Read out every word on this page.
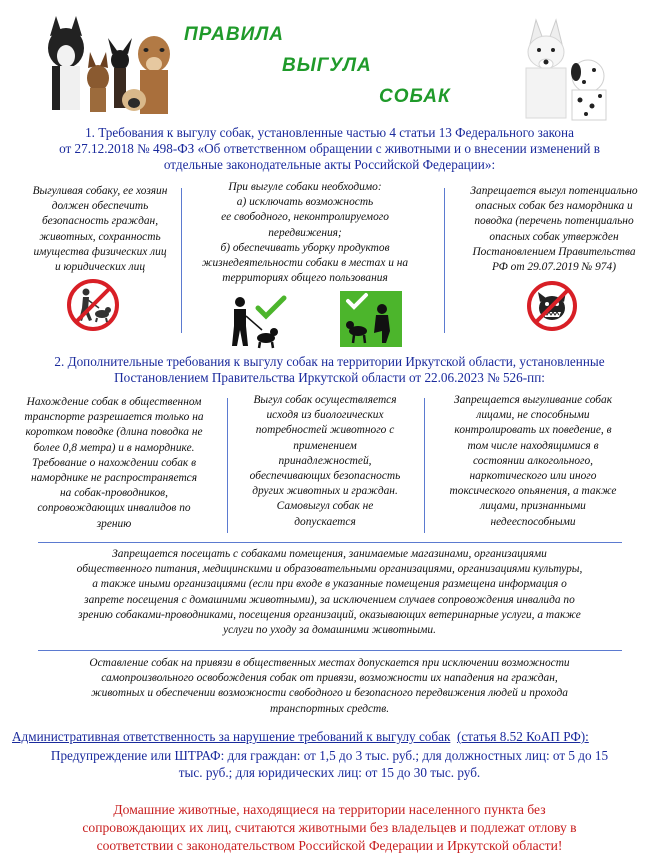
ПРАВИЛА
ВЫГУЛА
СОБАК
1. Требования к выгулу собак, установленные частью 4 статьи 13 Федерального закона
от 27.12.2018 № 498-ФЗ «Об ответственном обращении с животными и о внесении изменений в
отдельные законодательные акты Российской Федерации»:
Выгуливая собаку, ее хозяин
должен обеспечить
безопасность граждан,
животных, сохранность
имущества физических лиц
и юридических лиц
При выгуле собаки необходимо:
а) исключать возможность
ее свободного, неконтролируемого
передвижения;
б) обеспечивать уборку продуктов
жизнедеятельности собаки в местах и на
территориях общего пользования
Запрещается выгул потенциально
опасных собак без намордника и
поводка (перечень потенциально
опасных собак утвержден
Постановлением Правительства
РФ от 29.07.2019 № 974)
2. Дополнительные требования к выгулу собак на территории Иркутской области, установленные
Постановлением Правительства Иркутской области от 22.06.2023 № 526-пп:
Нахождение собак в общественном
транспорте разрешается только на
коротком поводке (длина поводка не
более 0,8 метра) и в наморднике.
Требование о нахождении собак в
наморднике не распространяется
на собак-проводников,
сопровождающих инвалидов по
зрению
Выгул собак осуществляется
исходя из биологических
потребностей животного с
применением
принадлежностей,
обеспечивающих безопасность
других животных и граждан.
Самовыгул собак не
допускается
Запрещается выгуливание собак
лицами, не способными
контролировать их поведение, в
том числе находящимися в
состоянии алкогольного,
наркотического или иного
токсического опьянения, а также
лицами, признанными
недееспособными
Запрещается посещать с собаками помещения, занимаемые магазинами, организациями
общественного питания, медицинскими и образовательными организациями, организациями культуры,
а также иными организациями (если при входе в указанные помещения размещена информация о
запрете посещения с домашними животными), за исключением случаев сопровождения инвалида по
зрению собаками-проводниками, посещения организаций, оказывающих ветеринарные услуги, а также
услуги по уходу за домашними животными.
Оставление собак на привязи в общественных местах допускается при исключении возможности
самопроизвольного освобождения собак от привязи, возможности их нападения на граждан,
животных и обеспечении возможности свободного и безопасного передвижения людей и прохода
транспортных средств.
Административная ответственность за нарушение требований к выгулу собак (статья 8.52 КоАП РФ):
Предупреждение или ШТРАФ: для граждан: от 1,5 до 3 тыс. руб.; для должностных лиц: от 5 до 15
тыс. руб.; для юридических лиц: от 15 до 30 тыс. руб.
Домашние животные, находящиеся на территории населенного пункта без
сопровождающих их лиц, считаются животными без владельцев и подлежат отлову в
соответствии с законодательством Российской Федерации и Иркутской области!
